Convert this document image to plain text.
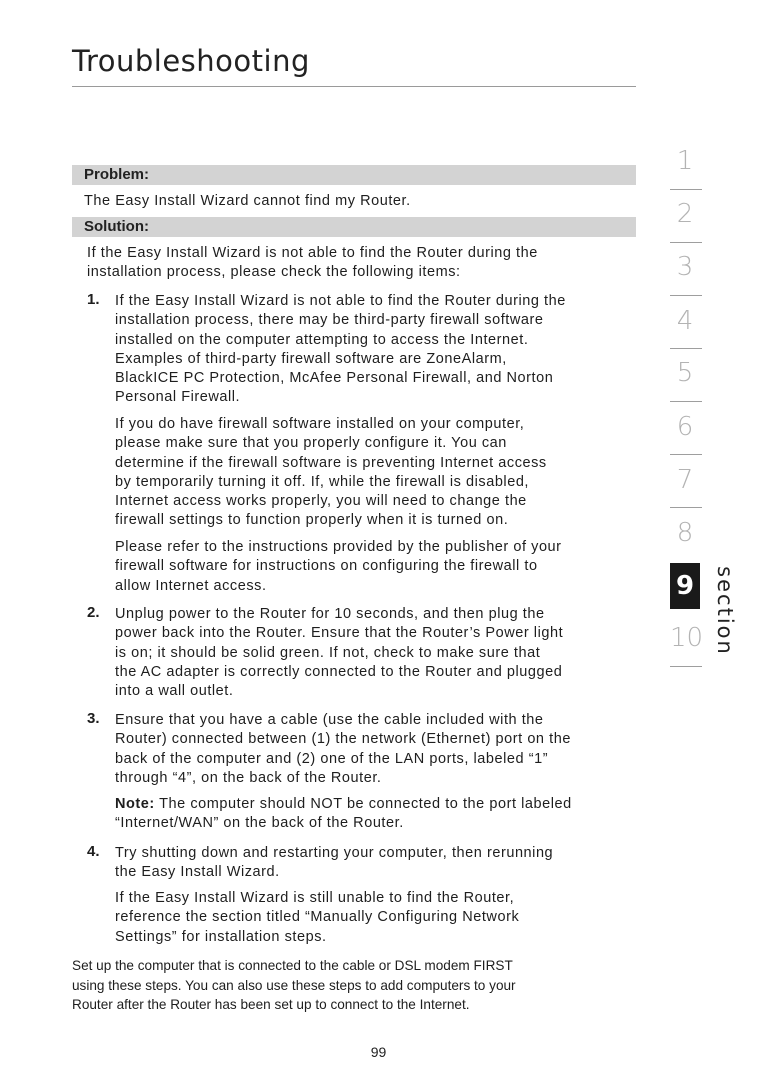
Troubleshooting
Problem:
The Easy Install Wizard cannot find my Router.
Solution:
If the Easy Install Wizard is not able to find the Router during the
installation process, please check the following items:
1. If the Easy Install Wizard is not able to find the Router during the
installation process, there may be third-party firewall software
installed on the computer attempting to access the Internet.
Examples of third-party firewall software are ZoneAlarm,
BlackICE PC Protection, McAfee Personal Firewall, and Norton
Personal Firewall.
If you do have firewall software installed on your computer,
please make sure that you properly configure it. You can
determine if the firewall software is preventing Internet access
by temporarily turning it off. If, while the firewall is disabled,
Internet access works properly, you will need to change the
firewall settings to function properly when it is turned on.
Please refer to the instructions provided by the publisher of your
firewall software for instructions on configuring the firewall to
allow Internet access.
2. Unplug power to the Router for 10 seconds, and then plug the
power back into the Router. Ensure that the Router’s Power light
is on; it should be solid green. If not, check to make sure that
the AC adapter is correctly connected to the Router and plugged
into a wall outlet.
3. Ensure that you have a cable (use the cable included with the
Router) connected between (1) the network (Ethernet) port on the
back of the computer and (2) one of the LAN ports, labeled “1”
through “4”, on the back of the Router.
Note: The computer should NOT be connected to the port labeled
“Internet/WAN” on the back of the Router.
4. Try shutting down and restarting your computer, then rerunning
the Easy Install Wizard.
If the Easy Install Wizard is still unable to find the Router,
reference the section titled “Manually Configuring Network
Settings” for installation steps.
Set up the computer that is connected to the cable or DSL modem FIRST
using these steps. You can also use these steps to add computers to your
Router after the Router has been set up to connect to the Internet.
99
1
2
3
4
5
6
7
8
9
10 section
